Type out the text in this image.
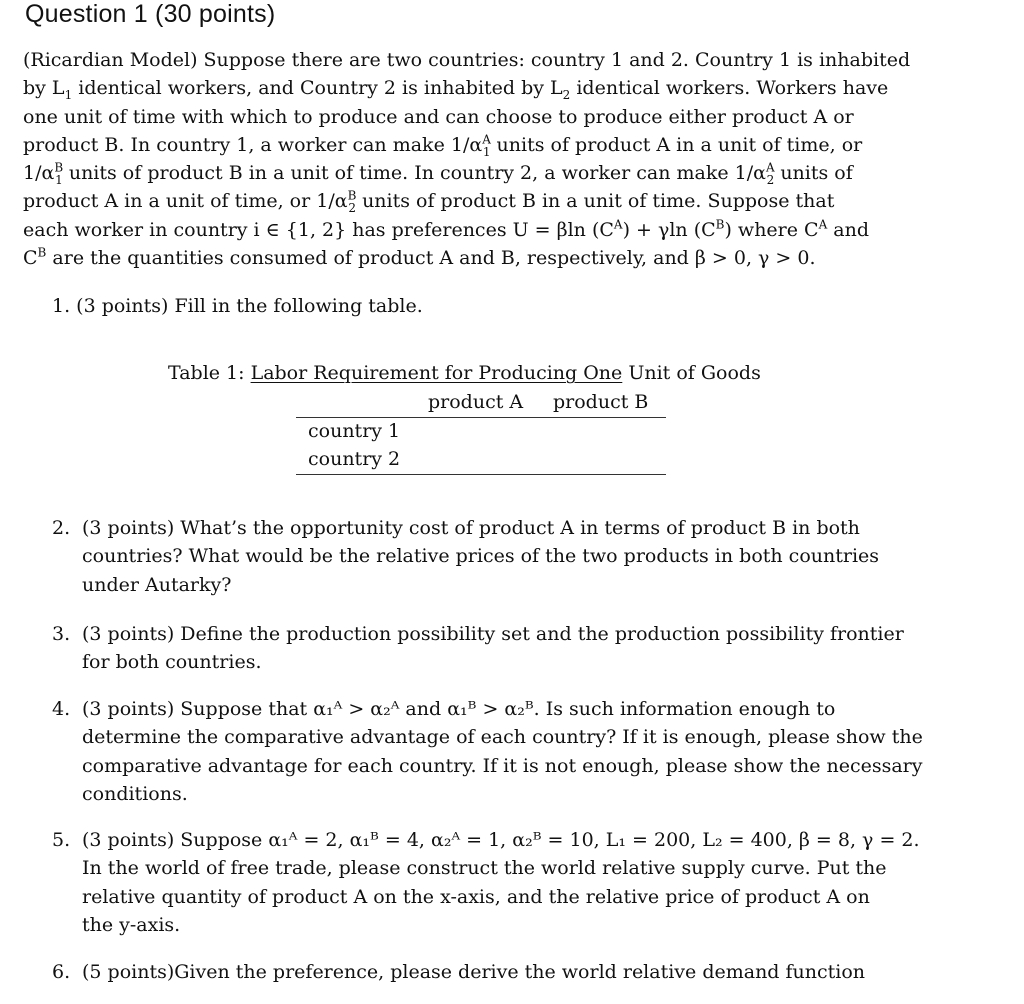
Question 1 (30 points)
(Ricardian Model) Suppose there are two countries: country 1 and 2. Country 1 is inhabited
by $L_1$ identical workers, and Country 2 is inhabited by $L_2$ identical workers. Workers have
one unit of time with which to produce and can choose to produce either product A or
product B. In country 1, a worker can make $1/\alpha^A_1$ units of product A in a unit of time, or
$1/\alpha^B_1$ units of product B in a unit of time. In country 2, a worker can make $1/\alpha^A_2$ units of
product A in a unit of time, or $1/\alpha^B_2$ units of product B in a unit of time. Suppose that
each worker in country i ∈ {1, 2} has preferences U = βln $(C^A) + \gamma\ln$ $(C^B)$ where $C^A$ and
$C^B$ are the quantities consumed of product A and B, respectively, and β > 0, γ > 0.
1. (3 points) Fill in the following table.
Table 1: Labor Requirement for Producing One Unit of Goods
product A product B
country 1
country 2
2. (3 points) What’s the opportunity cost of product A in terms of product B in both
countries? What would be the relative prices of the two products in both countries
under Autarky?
3. (3 points) Define the production possibility set and the production possibility frontier
for both countries.
4. (3 points) Suppose that α₁ᴬ > α₂ᴬ and α₁ᴮ > α₂ᴮ. Is such information enough to
determine the comparative advantage of each country? If it is enough, please show the
comparative advantage for each country. If it is not enough, please show the necessary
conditions.
5. (3 points) Suppose α₁ᴬ = 2, α₁ᴮ = 4, α₂ᴬ = 1, α₂ᴮ = 10, L₁ = 200, L₂ = 400, β = 8, γ = 2.
In the world of free trade, please construct the world relative supply curve. Put the
relative quantity of product A on the x-axis, and the relative price of product A on
the y-axis.
6. (5 points)Given the preference, please derive the world relative demand function
